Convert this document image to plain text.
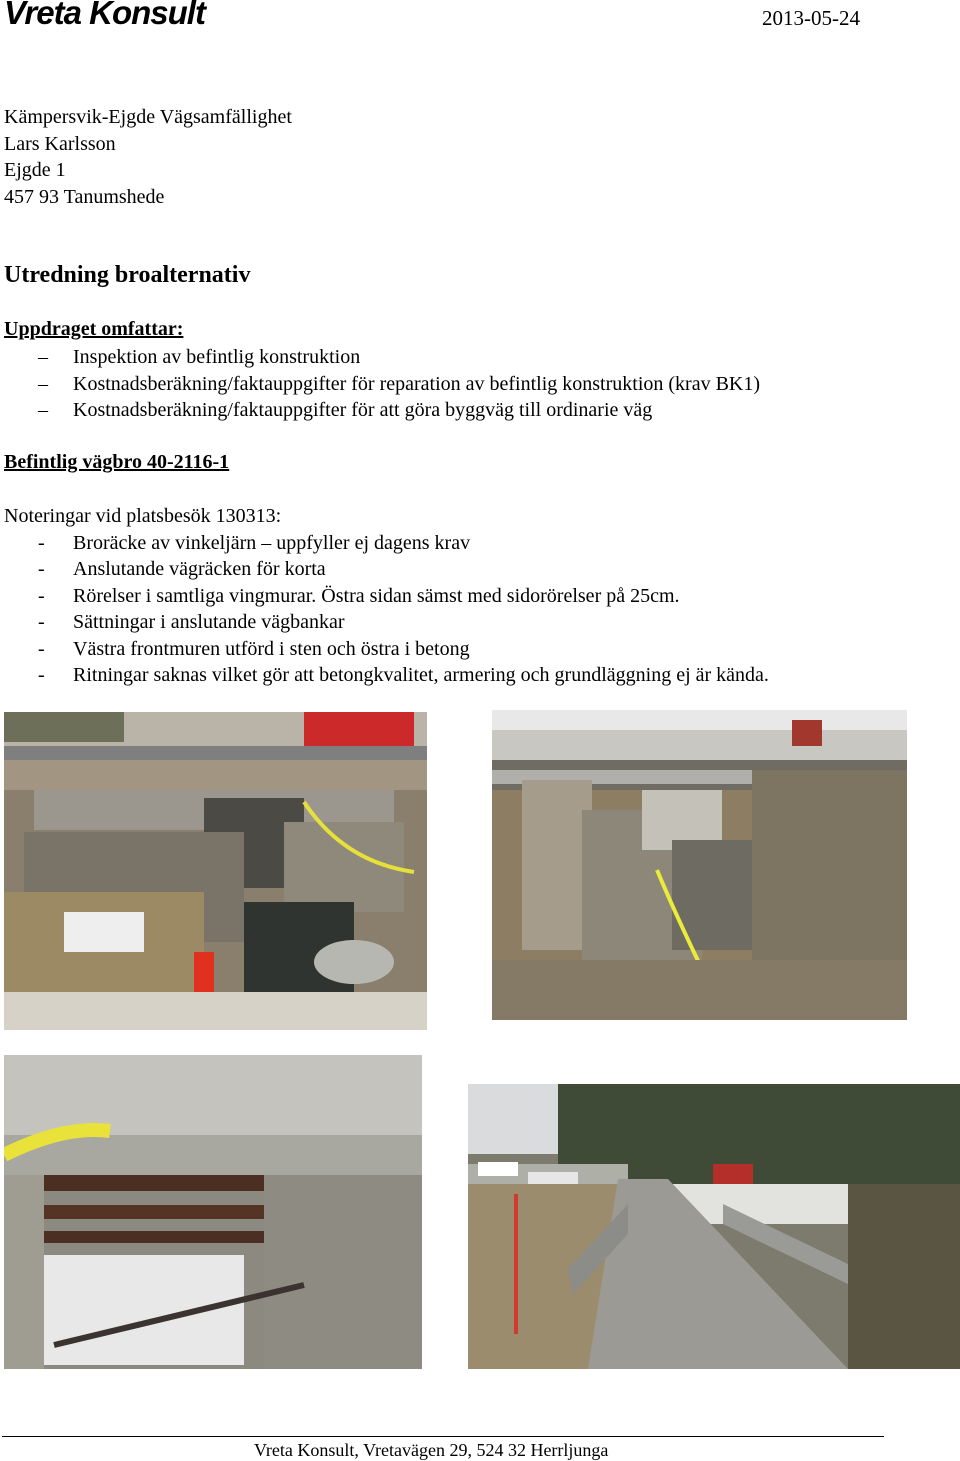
Vreta Konsult	2013-05-24
Kämpersvik-Ejgde Vägsamfällighet
Lars Karlsson
Ejgde 1
457 93 Tanumshede
Utredning broalternativ
Uppdraget omfattar:
– Inspektion av befintlig konstruktion
– Kostnadsberäkning/faktauppgifter för reparation av befintlig konstruktion (krav BK1)
– Kostnadsberäkning/faktauppgifter för att göra byggväg till ordinarie väg
Befintlig vägbro 40-2116-1
Noteringar vid platsbesök 130313:
- Broräcke av vinkeljärn – uppfyller ej dagens krav
- Anslutande vägräcken för korta
- Rörelser i samtliga vingmurar. Östra sidan sämst med sidorörelser på 25cm.
- Sättningar i anslutande vägbankar
- Västra frontmuren utförd i sten och östra i betong
- Ritningar saknas vilket gör att betongkvalitet, armering och grundläggning ej är kända.
Vreta Konsult, Vretavägen 29, 524 32 Herrljunga
